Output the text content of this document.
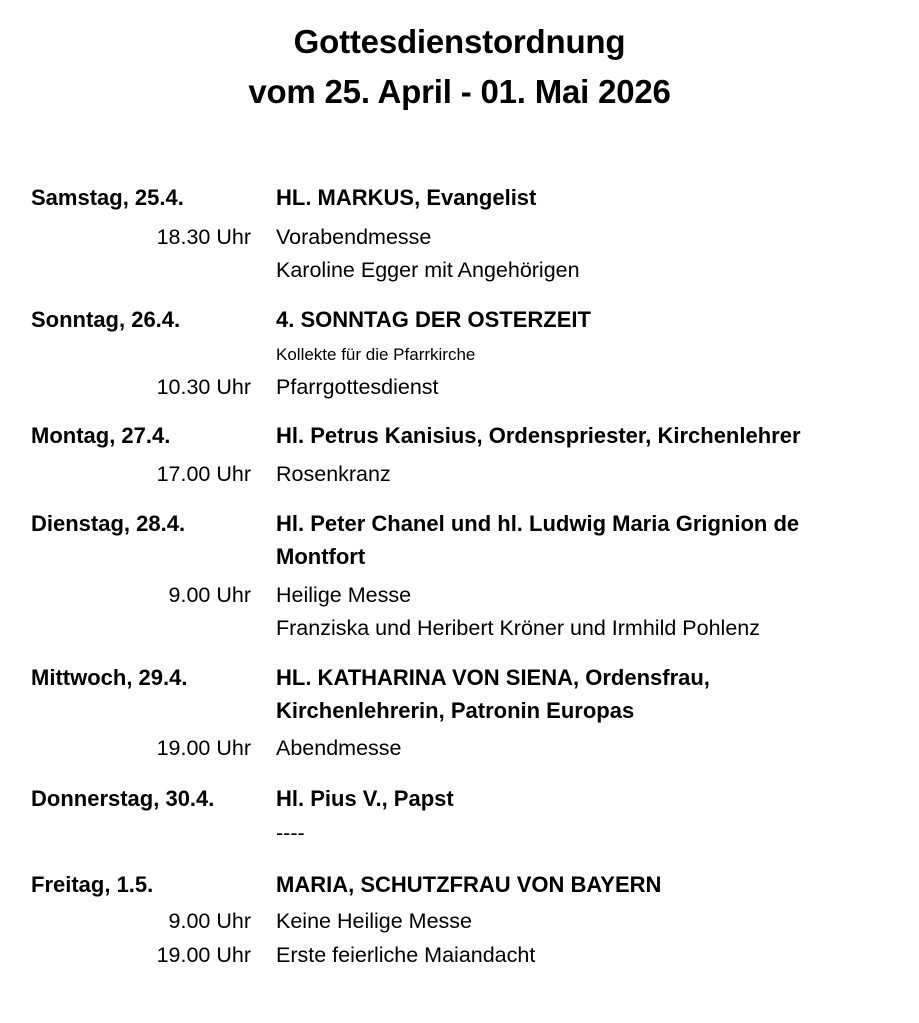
Gottesdienstordnung
vom 25. April - 01. Mai 2026
Samstag, 25.4.	HL. MARKUS, Evangelist
18.30 Uhr Vorabendmesse
Karoline Egger mit Angehörigen
Sonntag, 26.4.	4. SONNTAG DER OSTERZEIT
Kollekte für die Pfarrkirche
10.30 Uhr Pfarrgottesdienst
Montag, 27.4.	Hl. Petrus Kanisius, Ordenspriester, Kirchenlehrer
17.00 Uhr Rosenkranz
Dienstag, 28.4.	Hl. Peter Chanel und hl. Ludwig Maria Grignion de
Montfort
9.00 Uhr Heilige Messe
Franziska und Heribert Kröner und Irmhild Pohlenz
Mittwoch, 29.4.	HL. KATHARINA VON SIENA, Ordensfrau,
Kirchenlehrerin, Patronin Europas
19.00 Uhr Abendmesse
Donnerstag, 30.4.	Hl. Pius V., Papst
----
Freitag, 1.5.	MARIA, SCHUTZFRAU VON BAYERN
9.00 Uhr Keine Heilige Messe
19.00 Uhr Erste feierliche Maiandacht
